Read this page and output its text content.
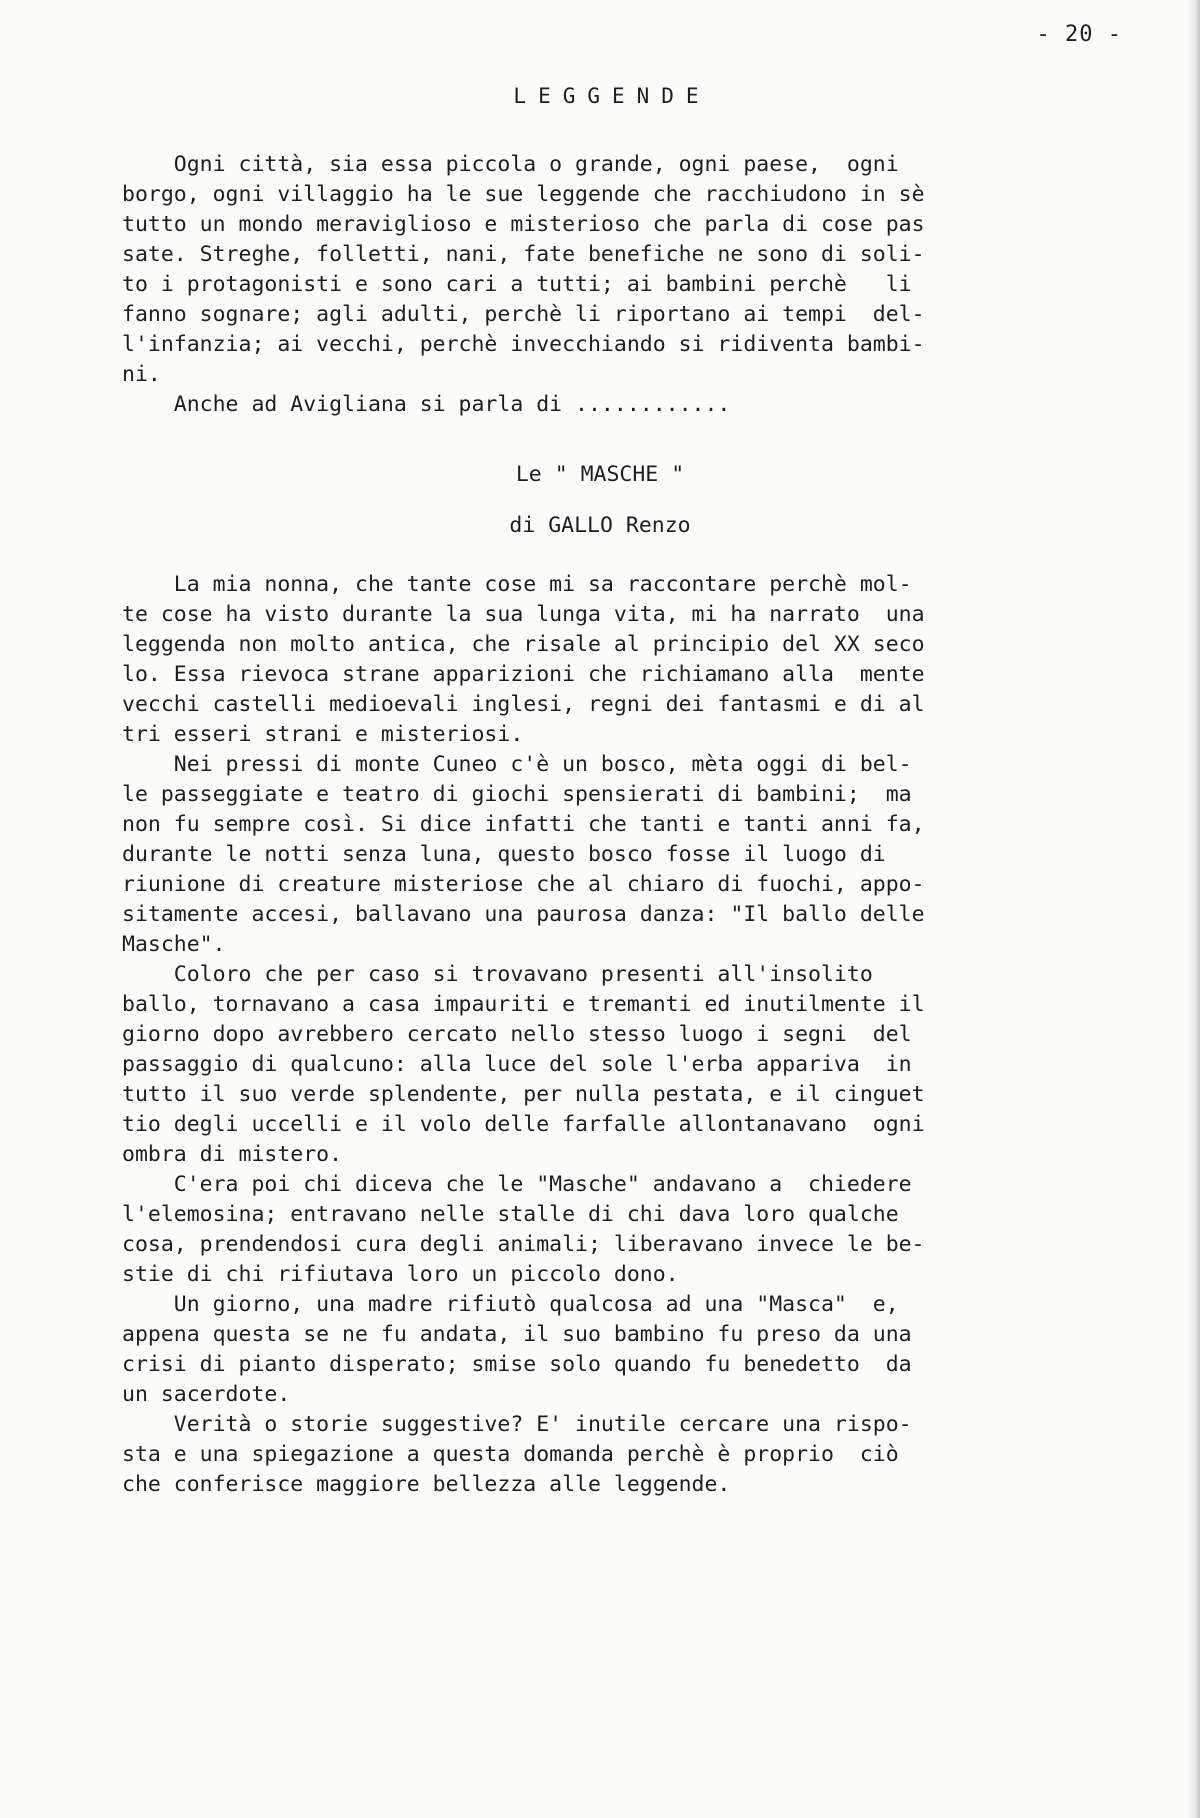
- 20 -
LEGGENDE
Ogni città, sia essa piccola o grande, ogni paese,  ogni
borgo, ogni villaggio ha le sue leggende che racchiudono in sè
tutto un mondo meraviglioso e misterioso che parla di cose pas
sate. Streghe, folletti, nani, fate benefiche ne sono di soli-
to i protagonisti e sono cari a tutti; ai bambini perchè   li
fanno sognare; agli adulti, perchè li riportano ai tempi  del-
l'infanzia; ai vecchi, perchè invecchiando si ridiventa bambi-
ni.
Anche ad Avigliana si parla di ............
Le " MASCHE "
di GALLO Renzo
La mia nonna, che tante cose mi sa raccontare perchè mol-
te cose ha visto durante la sua lunga vita, mi ha narrato  una
leggenda non molto antica, che risale al principio del XX seco
lo. Essa rievoca strane apparizioni che richiamano alla  mente
vecchi castelli medioevali inglesi, regni dei fantasmi e di al
tri esseri strani e misteriosi.
Nei pressi di monte Cuneo c'è un bosco, mèta oggi di bel-
le passeggiate e teatro di giochi spensierati di bambini;  ma
non fu sempre così. Si dice infatti che tanti e tanti anni fa,
durante le notti senza luna, questo bosco fosse il luogo di
riunione di creature misteriose che al chiaro di fuochi, appo-
sitamente accesi, ballavano una paurosa danza: "Il ballo delle
Masche".
Coloro che per caso si trovavano presenti all'insolito
ballo, tornavano a casa impauriti e tremanti ed inutilmente il
giorno dopo avrebbero cercato nello stesso luogo i segni  del
passaggio di qualcuno: alla luce del sole l'erba appariva  in
tutto il suo verde splendente, per nulla pestata, e il cinguet
tio degli uccelli e il volo delle farfalle allontanavano  ogni
ombra di mistero.
C'era poi chi diceva che le "Masche" andavano a  chiedere
l'elemosina; entravano nelle stalle di chi dava loro qualche
cosa, prendendosi cura degli animali; liberavano invece le be-
stie di chi rifiutava loro un piccolo dono.
Un giorno, una madre rifiutò qualcosa ad una "Masca"  e,
appena questa se ne fu andata, il suo bambino fu preso da una
crisi di pianto disperato; smise solo quando fu benedetto  da
un sacerdote.
Verità o storie suggestive? E' inutile cercare una rispo-
sta e una spiegazione a questa domanda perchè è proprio  ciò
che conferisce maggiore bellezza alle leggende.
